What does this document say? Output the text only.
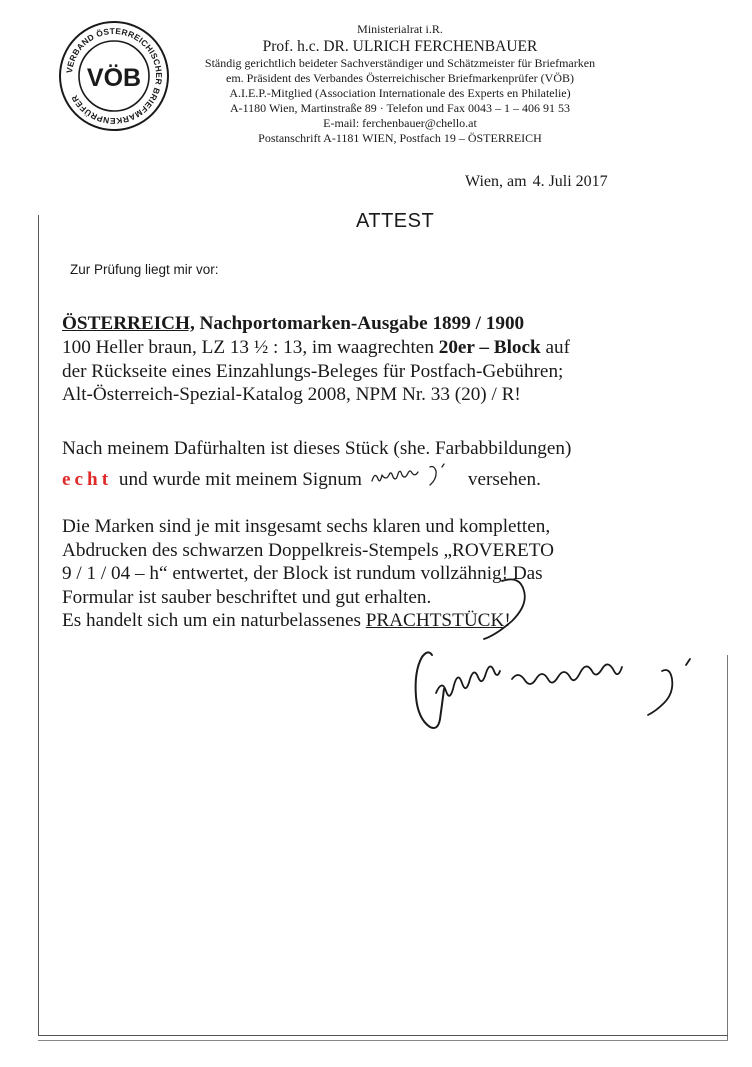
VERBAND ÖSTERREICHISCHER BRIEFMARKENPRÜFER
VÖB
Ministerialrat i.R.
Prof. h.c. DR. ULRICH FERCHENBAUER
Ständig gerichtlich beideter Sachverständiger und Schätzmeister für Briefmarken
em. Präsident des Verbandes Österreichischer Briefmarkenprüfer (VÖB)
A.I.E.P.-Mitglied (Association Internationale des Experts en Philatelie)
A-1180 Wien, Martinstraße 89 · Telefon und Fax 0043 – 1 – 406 91 53
E-mail: ferchenbauer@chello.at
Postanschrift A-1181 WIEN, Postfach 19 – ÖSTERREICH
Wien, am 4. Juli 2017
ATTEST
Zur Prüfung liegt mir vor:
ÖSTERREICH, Nachportomarken-Ausgabe 1899 / 1900
100 Heller braun, LZ 13 ½ : 13, im waagrechten 20er – Block auf
der Rückseite eines Einzahlungs-Beleges für Postfach-Gebühren;
Alt-Österreich-Spezial-Katalog 2008, NPM Nr. 33 (20) / R!
Nach meinem Dafürhalten ist dieses Stück (she. Farbabbildungen)
echt und wurde mit meinem Signum	versehen.
Die Marken sind je mit insgesamt sechs klaren und kompletten,
Abdrucken des schwarzen Doppelkreis-Stempels „ROVERETO
9 / 1 / 04 – h“ entwertet, der Block ist rundum vollzähnig! Das
Formular ist sauber beschriftet und gut erhalten.
Es handelt sich um ein naturbelassenes PRACHTSTÜCK!
